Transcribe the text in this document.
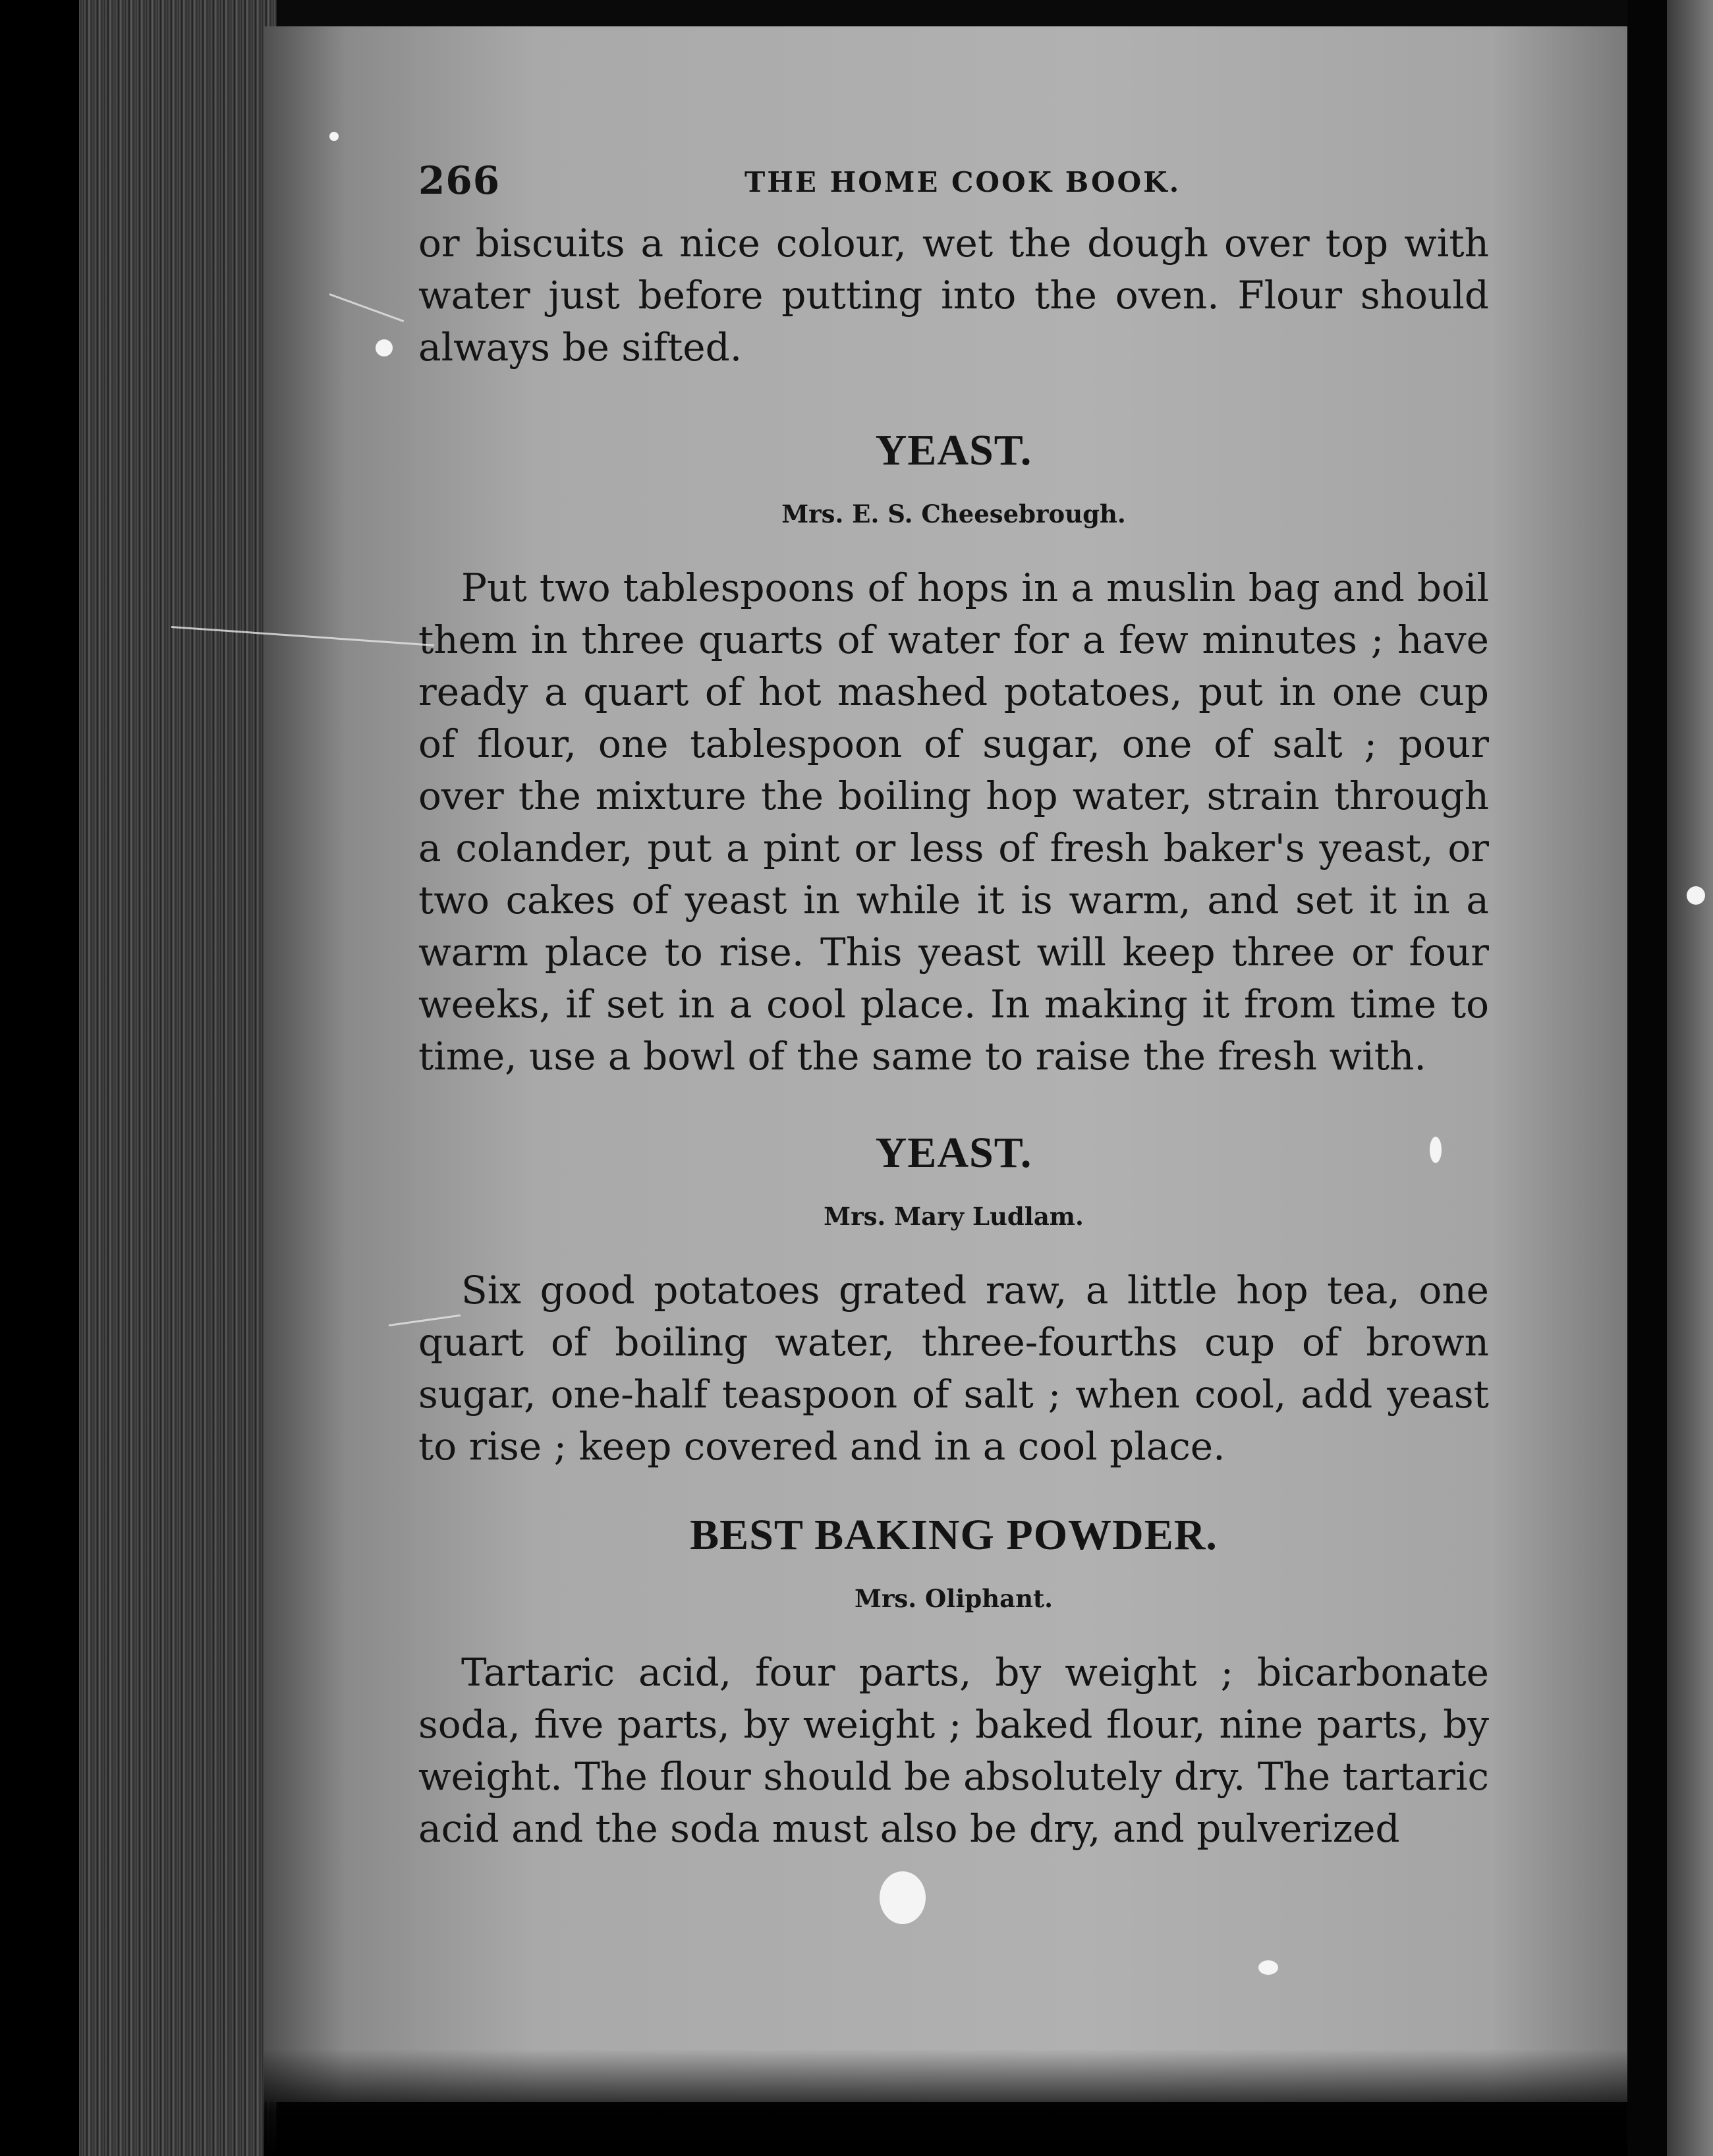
266	THE HOME COOK BOOK.

or biscuits a nice colour, wet the dough over top with water just before putting into the oven. Flour should always be sifted.

YEAST.
Mrs. E. S. Cheesebrough.

Put two tablespoons of hops in a muslin bag and boil them in three quarts of water for a few minutes ; have ready a quart of hot mashed potatoes, put in one cup of flour, one tablespoon of sugar, one of salt ; pour over the mixture the boiling hop water, strain through a colander, put a pint or less of fresh baker's yeast, or two cakes of yeast in while it is warm, and set it in a warm place to rise. This yeast will keep three or four weeks, if set in a cool place. In making it from time to time, use a bowl of the same to raise the fresh with.

YEAST.
Mrs. Mary Ludlam.

Six good potatoes grated raw, a little hop tea, one quart of boiling water, three-fourths cup of brown sugar, one-half teaspoon of salt ; when cool, add yeast to rise ; keep covered and in a cool place.

BEST BAKING POWDER.
Mrs. Oliphant.

Tartaric acid, four parts, by weight ; bicarbonate soda, five parts, by weight ; baked flour, nine parts, by weight. The flour should be absolutely dry. The tartaric acid and the soda must also be dry, and pulverized
